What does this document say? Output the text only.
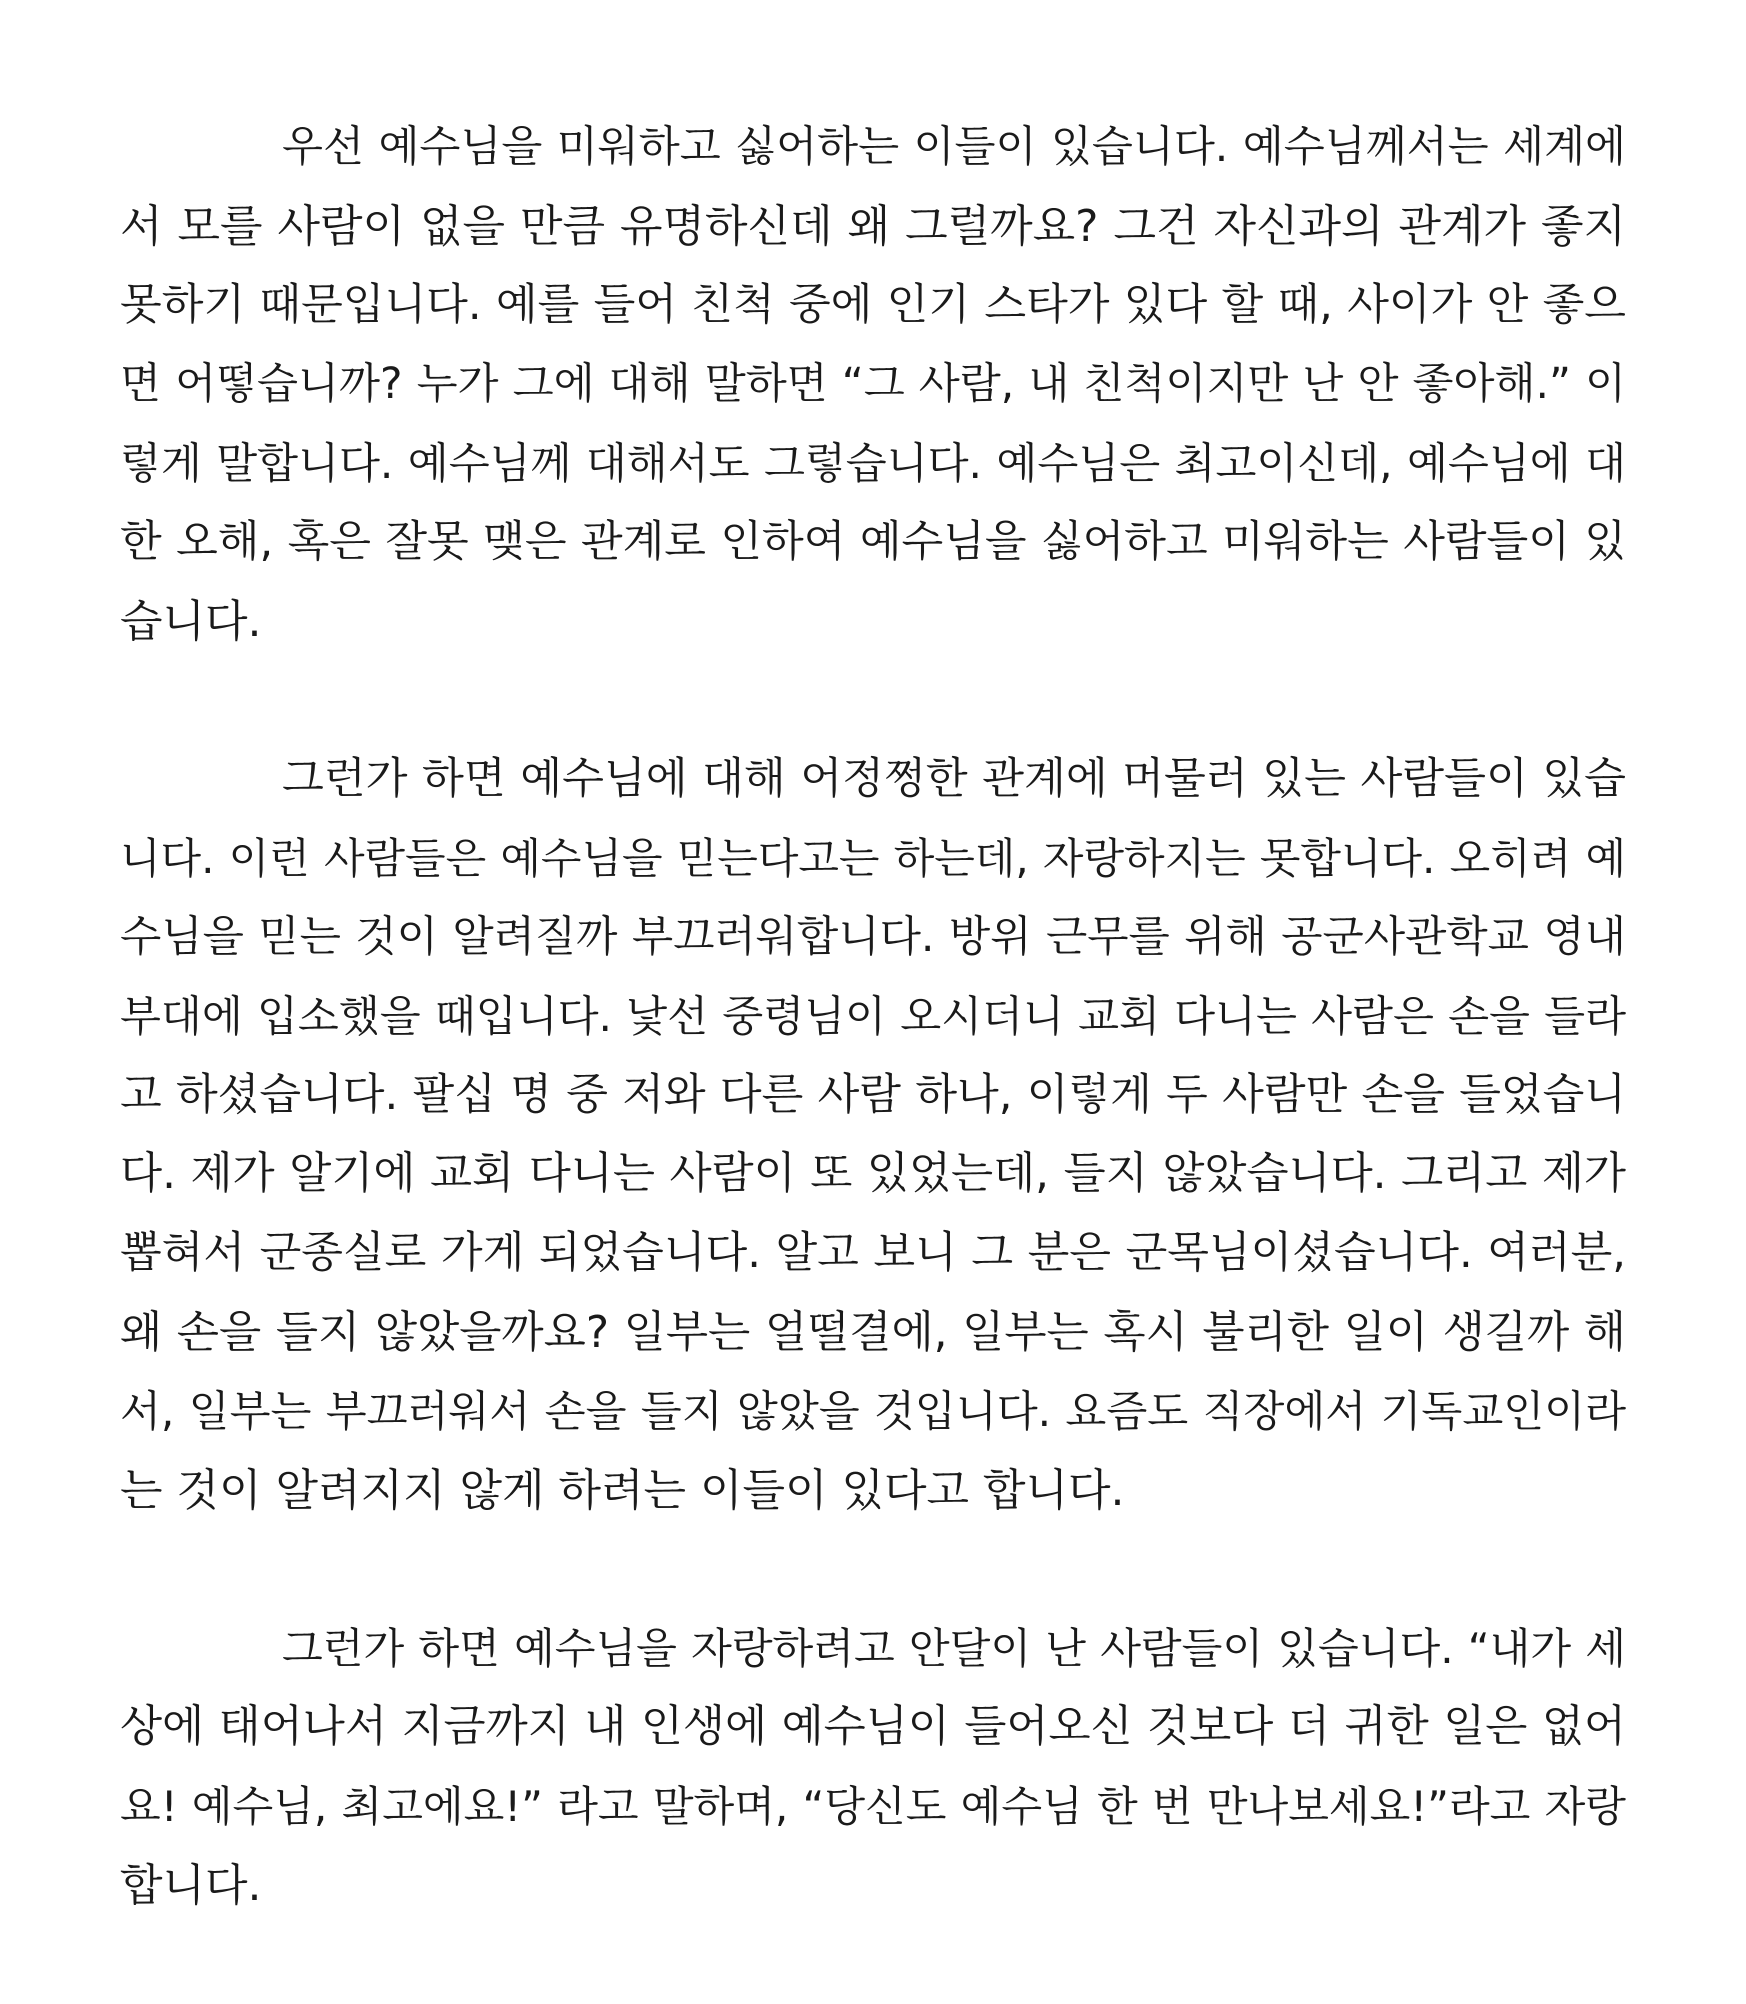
우선 예수님을 미워하고 싫어하는 이들이 있습니다. 예수님께서는 세계에
서 모를 사람이 없을 만큼 유명하신데 왜 그럴까요? 그건 자신과의 관계가 좋지
못하기 때문입니다. 예를 들어 친척 중에 인기 스타가 있다 할 때, 사이가 안 좋으
면 어떻습니까? 누가 그에 대해 말하면 “그 사람, 내 친척이지만 난 안 좋아해.” 이
렇게 말합니다. 예수님께 대해서도 그렇습니다. 예수님은 최고이신데, 예수님에 대
한 오해, 혹은 잘못 맺은 관계로 인하여 예수님을 싫어하고 미워하는 사람들이 있
습니다.
그런가 하면 예수님에 대해 어정쩡한 관계에 머물러 있는 사람들이 있습
니다. 이런 사람들은 예수님을 믿는다고는 하는데, 자랑하지는 못합니다. 오히려 예
수님을 믿는 것이 알려질까 부끄러워합니다. 방위 근무를 위해 공군사관학교 영내
부대에 입소했을 때입니다. 낯선 중령님이 오시더니 교회 다니는 사람은 손을 들라
고 하셨습니다. 팔십 명 중 저와 다른 사람 하나, 이렇게 두 사람만 손을 들었습니
다. 제가 알기에 교회 다니는 사람이 또 있었는데, 들지 않았습니다. 그리고 제가
뽑혀서 군종실로 가게 되었습니다. 알고 보니 그 분은 군목님이셨습니다. 여러분,
왜 손을 들지 않았을까요? 일부는 얼떨결에, 일부는 혹시 불리한 일이 생길까 해
서, 일부는 부끄러워서 손을 들지 않았을 것입니다. 요즘도 직장에서 기독교인이라
는 것이 알려지지 않게 하려는 이들이 있다고 합니다.
그런가 하면 예수님을 자랑하려고 안달이 난 사람들이 있습니다. “내가 세
상에 태어나서 지금까지 내 인생에 예수님이 들어오신 것보다 더 귀한 일은 없어
요! 예수님, 최고에요!” 라고 말하며, “당신도 예수님 한 번 만나보세요!”라고 자랑
합니다.
